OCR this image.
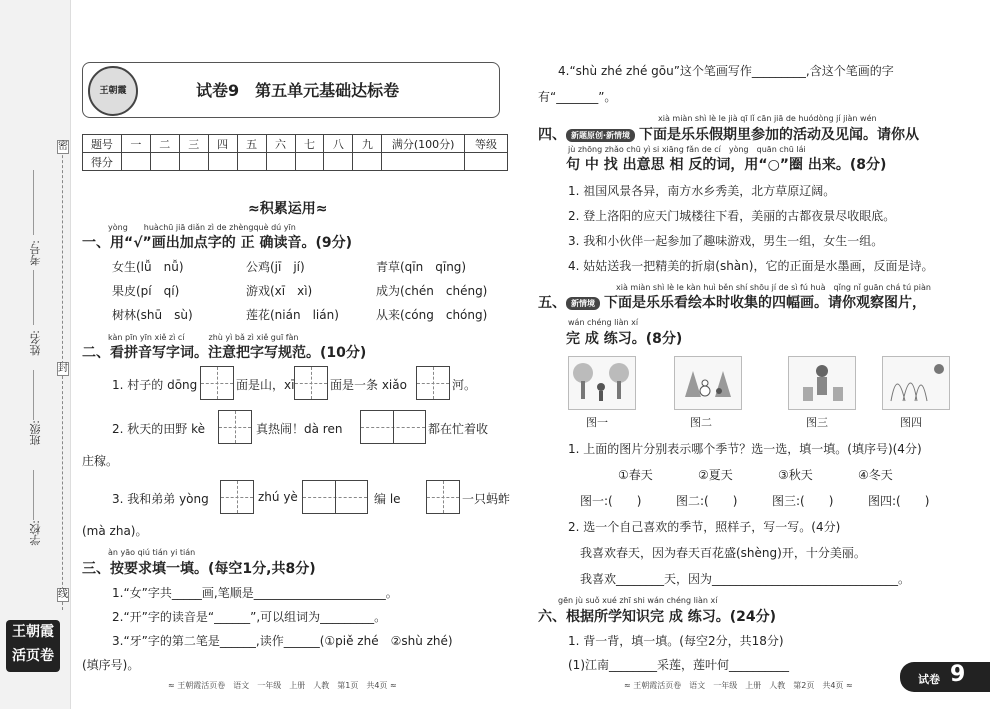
学校:
班级:
姓名:
考号:
密
封
线
王朝霞
活页卷
王朝霞	试卷9　第五单元基础达标卷
题号	一	二	三	四	五	六	七	八	九	满分(100分)	等级
得分											
≈积累运用≈
yòng　　huàchū jiā diǎn zì de zhèngquè dú yīn
一、用“√”画出加点字的 正 确读音。(9分)
女生(lǚ　nǚ)	公鸡(jī　jí)	青草(qīn　qīng)
果皮(pí　qí)	游戏(xī　xì)	成为(chén　chéng)
树林(shū　sù)	莲花(nián　lián)	从来(cóng　chóng)
kàn pīn yīn xiě zì cí　　　zhù yì bǎ zì xiě guī fàn
二、看拼音写字词。注意把字写规范。(10分)
1. 村子的 dōng	面是山，xī	面是一条 xiǎo	河。
2. 秋天的田野 kè	真热闹！dà ren	都在忙着收
庄稼。
3. 我和弟弟 yòng	zhú yè	编 le	一只蚂蚱
(mà zha)。
àn yāo qiú tián yi tián
三、按要求填一填。(每空1分,共8分)
1.“女”字共_____画,笔顺是______________________。
2.“开”字的读音是“______”,可以组词为_________。
3.“牙”字的第二笔是______,读作______(①piě zhé　②shù zhé)
(填序号)。
≈ 王朝霞活页卷　语文　一年级　上册　人教　第1页　共4页 ≈
4.“shù zhé zhé gōu”这个笔画写作_________,含这个笔画的字
有“_______”。
xià miàn shì lè le jià qī lǐ cān jiā de huódòng jí jiàn wén
四、 新题原创·新情境 下面是乐乐假期里参加的活动及见闻。请你从
jù zhōng zhǎo chū yì si xiāng fǎn de cí　yòng　quān chū lái
句 中 找 出意思 相 反的词，用“○”圈 出来。(8分)
1. 祖国风景各异，南方水乡秀美，北方草原辽阔。
2. 登上洛阳的应天门城楼往下看，美丽的古都夜景尽收眼底。
3. 我和小伙伴一起参加了趣味游戏，男生一组，女生一组。
4. 姑姑送我一把精美的折扇(shàn)，它的正面是水墨画，反面是诗。
xià miàn shì lè le kàn huì běn shí shōu jí de sì fú huà　qǐng nǐ guān chá tú piàn
五、 新情境 下面是乐乐看绘本时收集的四幅画。请你观察图片，
wán chéng liàn xí
完 成 练习。(8分)
图一	图二	图三	图四
1. 上面的图片分别表示哪个季节？选一选，填一填。(填序号)(4分)
①春天	②夏天	③秋天	④冬天
图一:(　　)	图二:(　　)	图三:(　　)	图四:(　　)
2. 选一个自己喜欢的季节，照样子，写一写。(4分)
我喜欢春天，因为春天百花盛(shèng)开，十分美丽。
我喜欢________天，因为_______________________________。
gēn jù suǒ xué zhī shi wán chéng liàn xí
六、根据所学知识完 成 练习。(24分)
1. 背一背，填一填。(每空2分，共18分)
(1)江南________采莲，莲叶何__________
≈ 王朝霞活页卷　语文　一年级　上册　人教　第2页　共4页 ≈	试卷 9
